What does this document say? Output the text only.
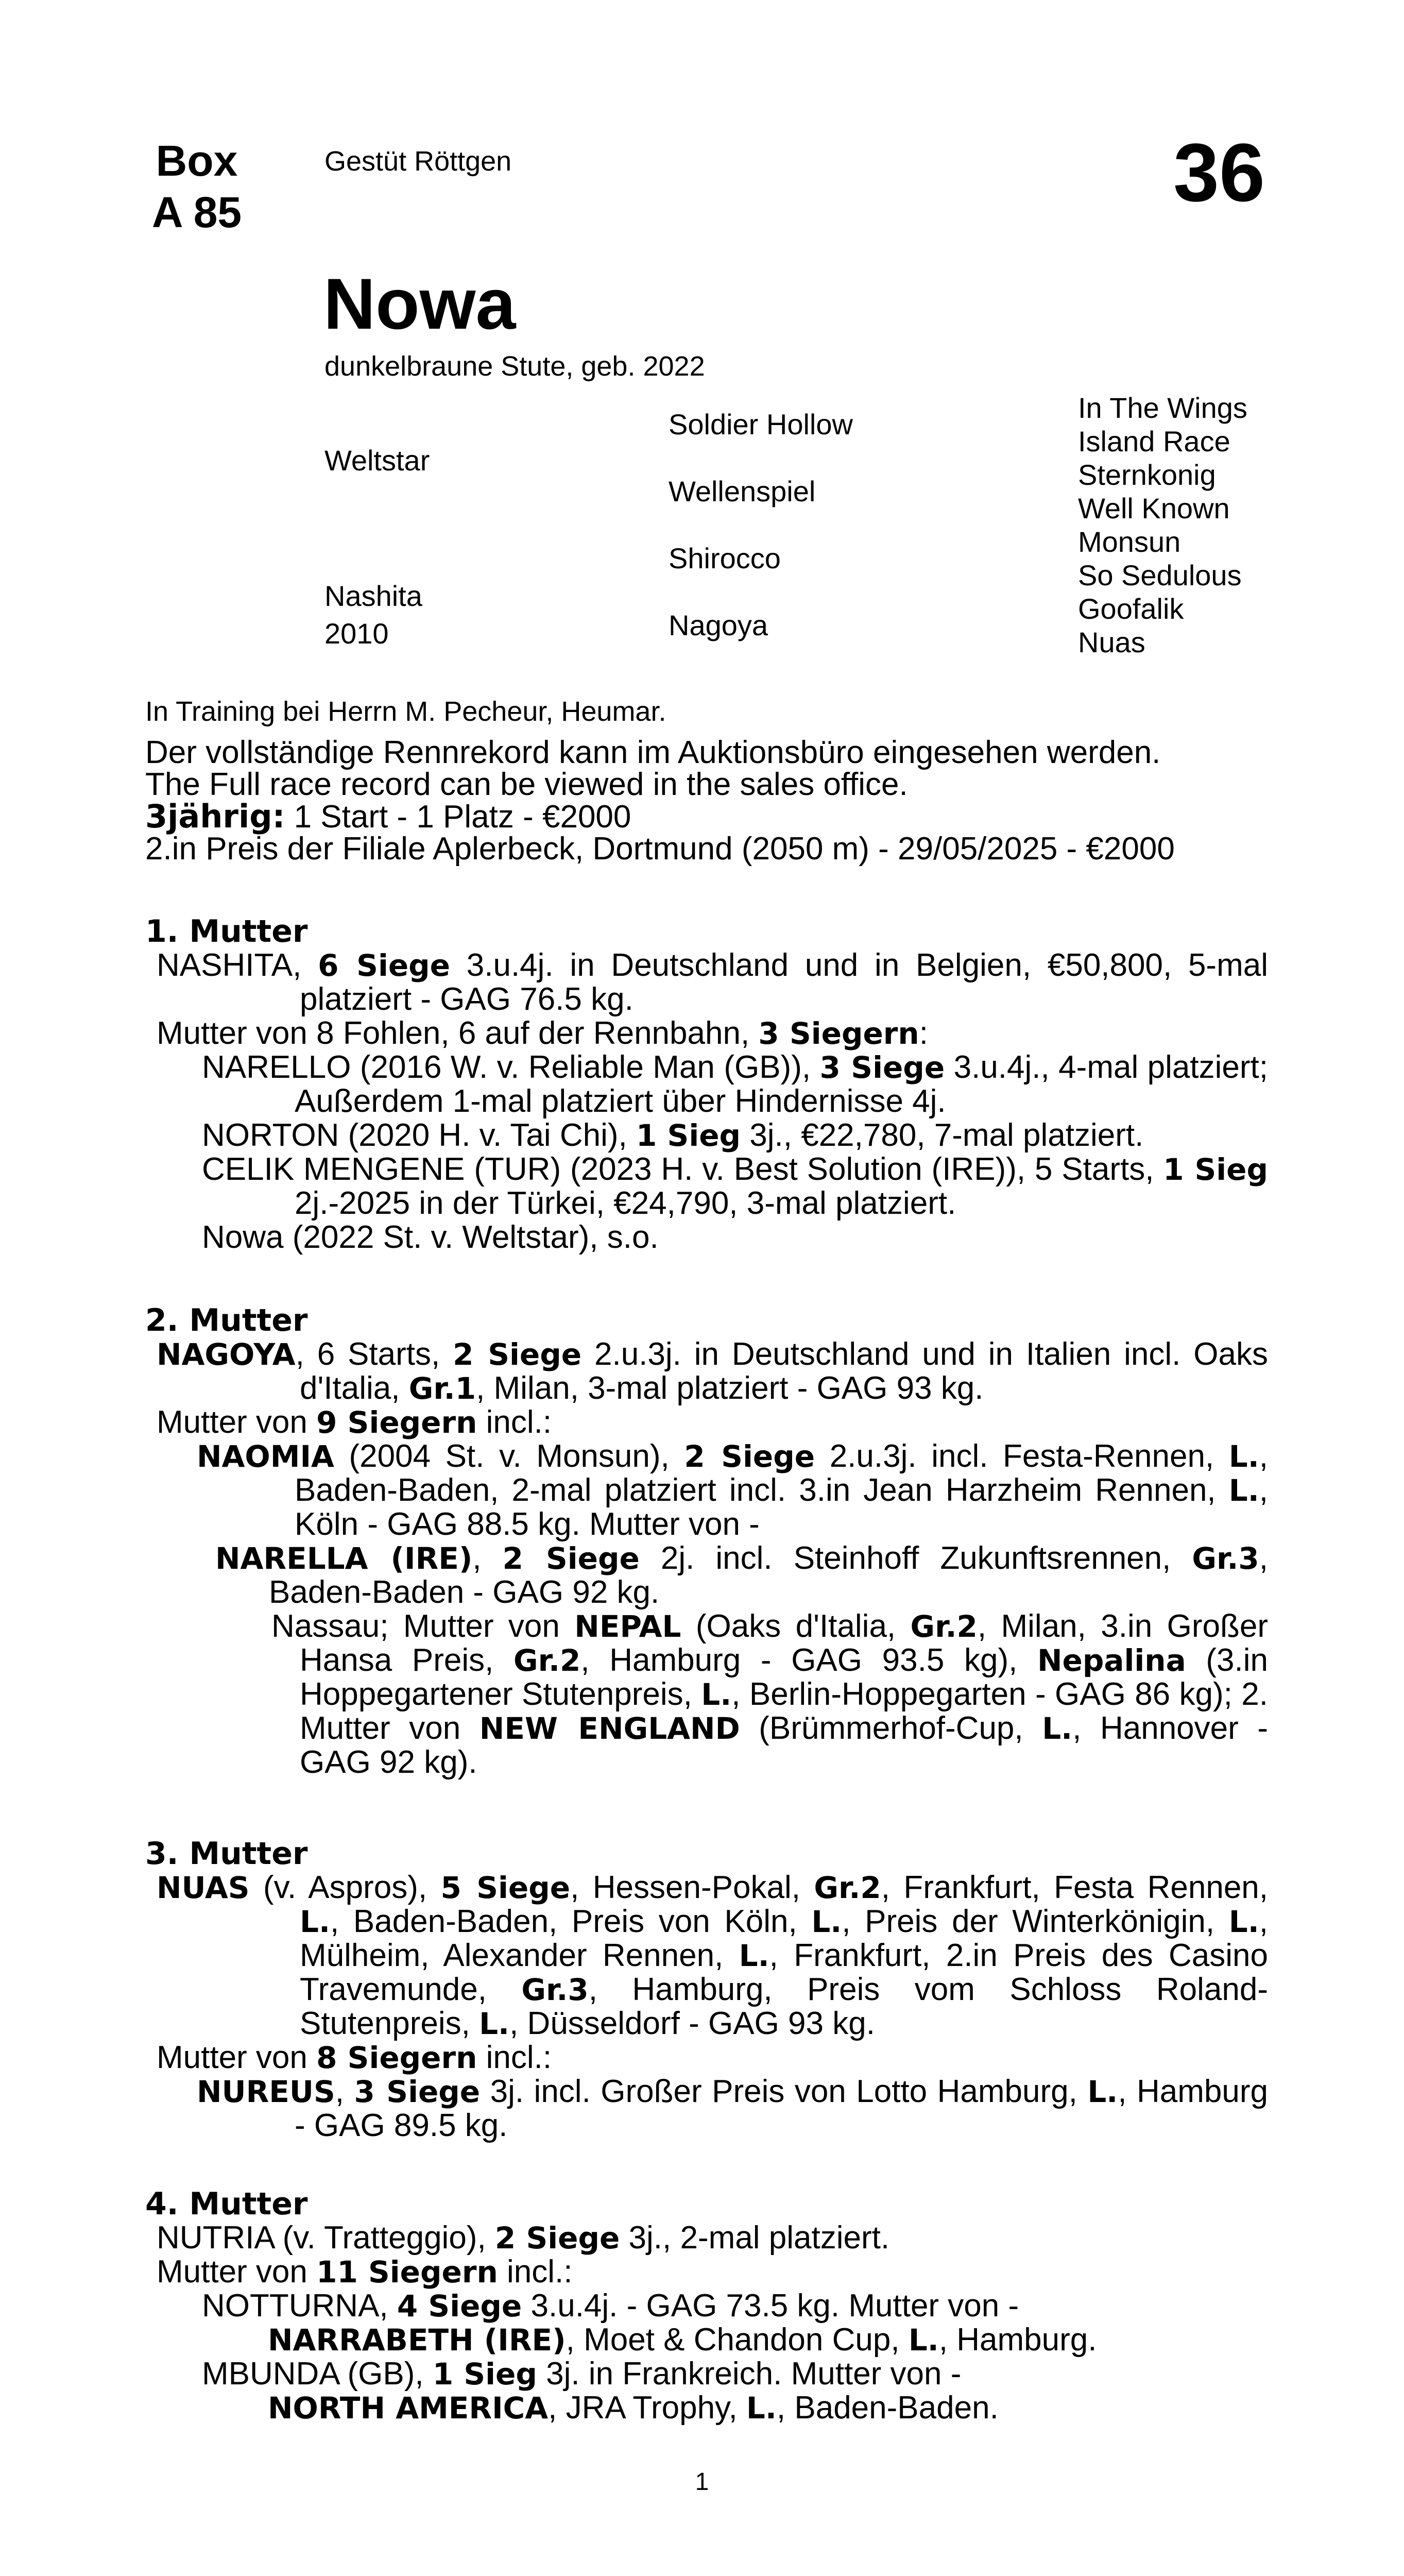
Box
A 85
Gestüt Röttgen	36
Nowa
dunkelbraune Stute, geb. 2022
Weltstar
Nashita
2010
Soldier Hollow
Wellenspiel
Shirocco
Nagoya
In The Wings
Island Race
Sternkonig
Well Known
Monsun
So Sedulous
Goofalik
Nuas
In Training bei Herrn M. Pecheur, Heumar.
Der vollständige Rennrekord kann im Auktionsbüro eingesehen werden.
The Full race record can be viewed in the sales office.
3jährig: 1 Start - 1 Platz - €2000
2.in Preis der Filiale Aplerbeck, Dortmund (2050 m) - 29/05/2025 - €2000
1. Mutter
NASHITA, 6 Siege 3.u.4j. in Deutschland und in Belgien, €50,800, 5-mal platziert - GAG 76.5 kg.
Mutter von 8 Fohlen, 6 auf der Rennbahn, 3 Siegern:
NARELLO (2016 W. v. Reliable Man (GB)), 3 Siege 3.u.4j., 4-mal platziert; Außerdem 1-mal platziert über Hindernisse 4j.
NORTON (2020 H. v. Tai Chi), 1 Sieg 3j., €22,780, 7-mal platziert.
CELIK MENGENE (TUR) (2023 H. v. Best Solution (IRE)), 5 Starts, 1 Sieg 2j.-2025 in der Türkei, €24,790, 3-mal platziert.
Nowa (2022 St. v. Weltstar), s.o.
2. Mutter
NAGOYA, 6 Starts, 2 Siege 2.u.3j. in Deutschland und in Italien incl. Oaks d'Italia, Gr.1, Milan, 3-mal platziert - GAG 93 kg.
Mutter von 9 Siegern incl.:
NAOMIA (2004 St. v. Monsun), 2 Siege 2.u.3j. incl. Festa-Rennen, L., Baden-Baden, 2-mal platziert incl. 3.in Jean Harzheim Rennen, L., Köln - GAG 88.5 kg. Mutter von -
NARELLA (IRE), 2 Siege 2j. incl. Steinhoff Zukunftsrennen, Gr.3, Baden-Baden - GAG 92 kg.
Nassau; Mutter von NEPAL (Oaks d'Italia, Gr.2, Milan, 3.in Großer Hansa Preis, Gr.2, Hamburg - GAG 93.5 kg), Nepalina (3.in Hoppegartener Stutenpreis, L., Berlin-Hoppegarten - GAG 86 kg); 2. Mutter von NEW ENGLAND (Brümmerhof-Cup, L., Hannover - GAG 92 kg).
3. Mutter
NUAS (v. Aspros), 5 Siege, Hessen-Pokal, Gr.2, Frankfurt, Festa Rennen, L., Baden-Baden, Preis von Köln, L., Preis der Winterkönigin, L., Mülheim, Alexander Rennen, L., Frankfurt, 2.in Preis des Casino Travemunde, Gr.3, Hamburg, Preis vom Schloss Roland-Stutenpreis, L., Düsseldorf - GAG 93 kg.
Mutter von 8 Siegern incl.:
NUREUS, 3 Siege 3j. incl. Großer Preis von Lotto Hamburg, L., Hamburg - GAG 89.5 kg.
4. Mutter
NUTRIA (v. Tratteggio), 2 Siege 3j., 2-mal platziert.
Mutter von 11 Siegern incl.:
NOTTURNA, 4 Siege 3.u.4j. - GAG 73.5 kg. Mutter von -
NARRABETH (IRE), Moet & Chandon Cup, L., Hamburg.
MBUNDA (GB), 1 Sieg 3j. in Frankreich. Mutter von -
NORTH AMERICA, JRA Trophy, L., Baden-Baden.
1
